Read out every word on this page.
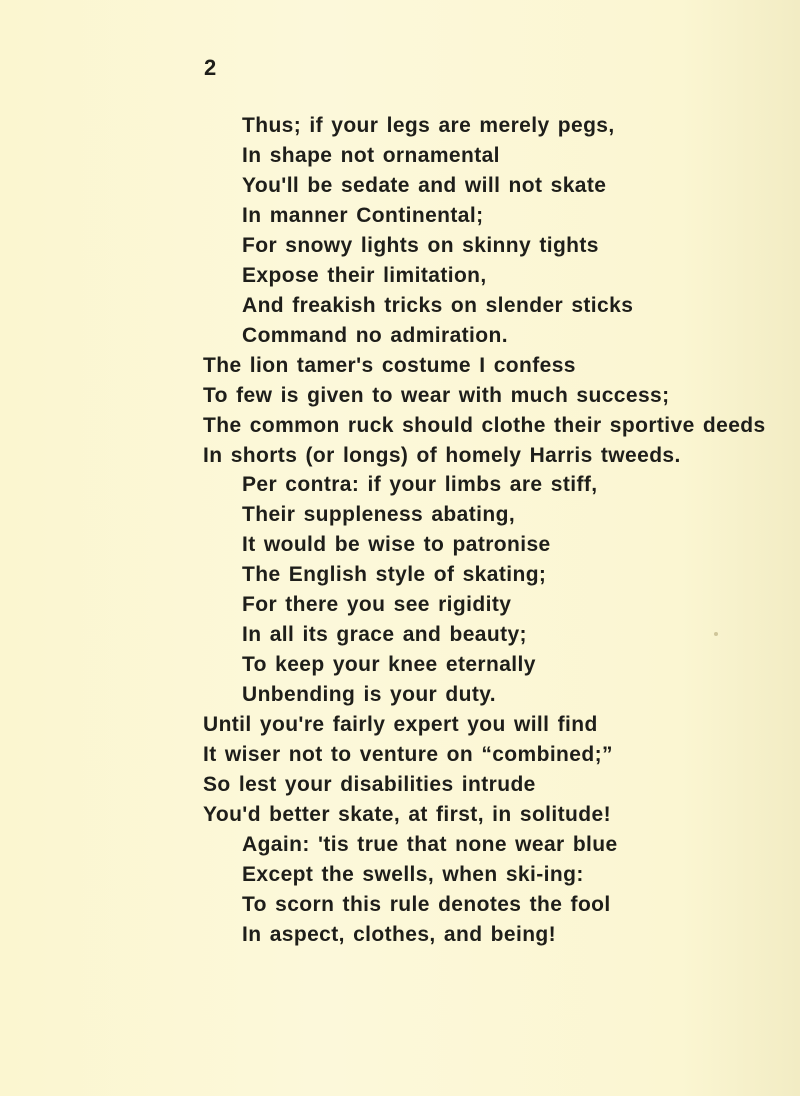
2
Thus; if your legs are merely pegs,
In shape not ornamental
You'll be sedate and will not skate
In manner Continental;
For snowy lights on skinny tights
Expose their limitation,
And freakish tricks on slender sticks
Command no admiration.
The lion tamer's costume I confess
To few is given to wear with much success;
The common ruck should clothe their sportive deeds
In shorts (or longs) of homely Harris tweeds.
Per contra: if your limbs are stiff,
Their suppleness abating,
It would be wise to patronise
The English style of skating;
For there you see rigidity
In all its grace and beauty;
To keep your knee eternally
Unbending is your duty.
Until you're fairly expert you will find
It wiser not to venture on “combined;”
So lest your disabilities intrude
You'd better skate, at first, in solitude!
Again: 'tis true that none wear blue
Except the swells, when ski-ing:
To scorn this rule denotes the fool
In aspect, clothes, and being!
